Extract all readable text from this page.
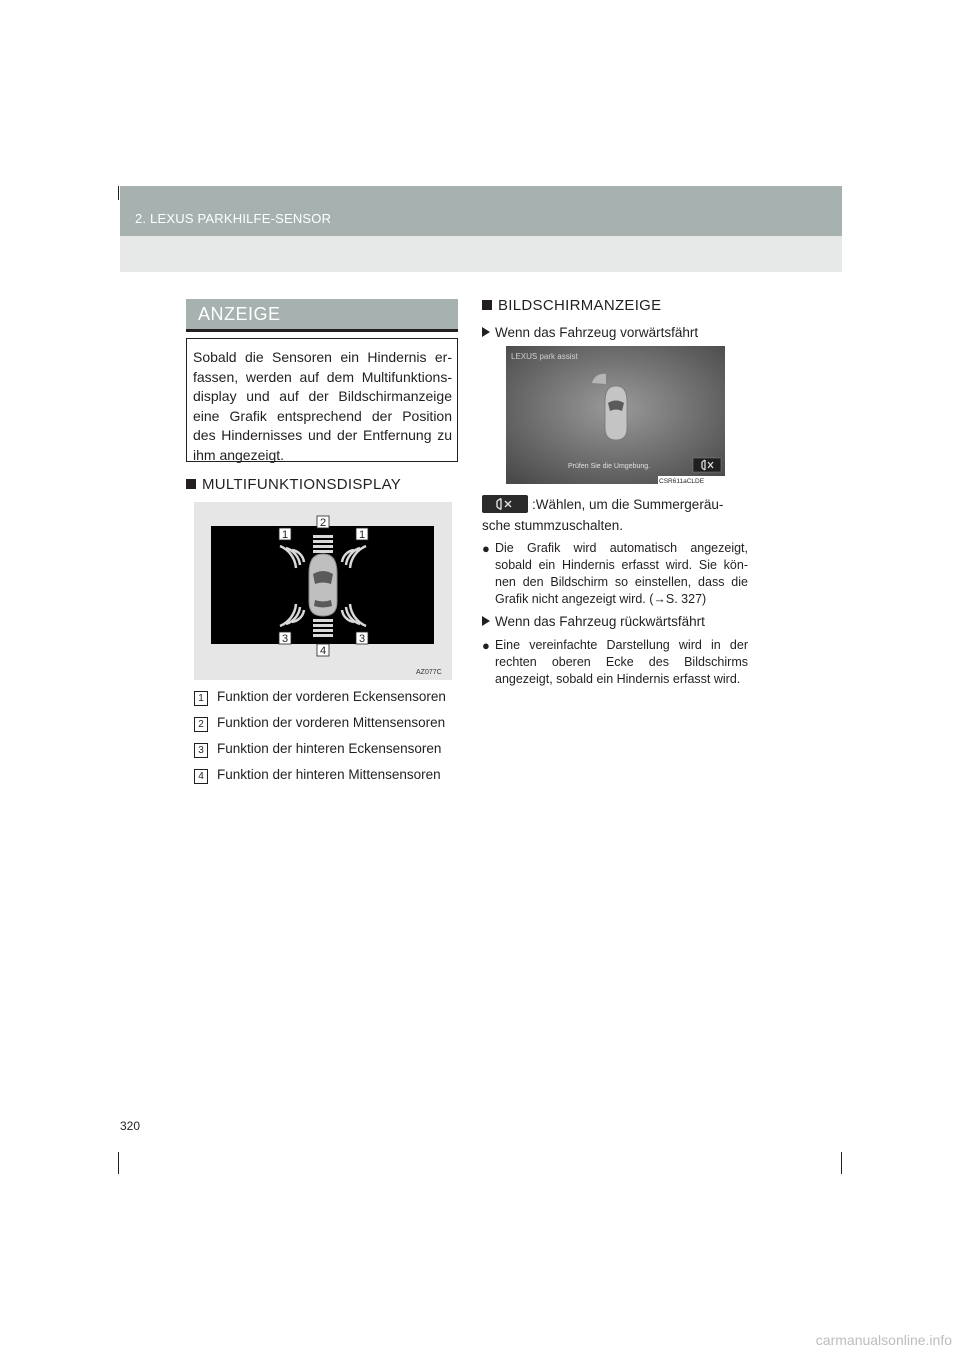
2. LEXUS PARKHILFE-SENSOR
ANZEIGE
Sobald die Sensoren ein Hindernis er-fassen, werden auf dem Multifunktions-display und auf der Bildschirmanzeige eine Grafik entsprechend der Position des Hindernisses und der Entfernung zu ihm angezeigt.
MULTIFUNKTIONSDISPLAY
1
2
1
3	3
4
AZ077C
1 Funktion der vorderen Eckensensoren
2 Funktion der vorderen Mittensensoren
3 Funktion der hinteren Eckensensoren
4 Funktion der hinteren Mittensensoren
BILDSCHIRMANZEIGE
Wenn das Fahrzeug vorwärtsfährt
LEXUS park assist
Prüfen Sie die Umgebung.
CSR611aCLDE
:Wählen, um die Summergeräu-
sche stummzuschalten.
● Die Grafik wird automatisch angezeigt, sobald ein Hindernis erfasst wird. Sie kön-nen den Bildschirm so einstellen, dass die Grafik nicht angezeigt wird. (→S. 327)
Wenn das Fahrzeug rückwärtsfährt
● Eine vereinfachte Darstellung wird in der rechten oberen Ecke des Bildschirms angezeigt, sobald ein Hindernis erfasst wird.
320
carmanualsonline.info
